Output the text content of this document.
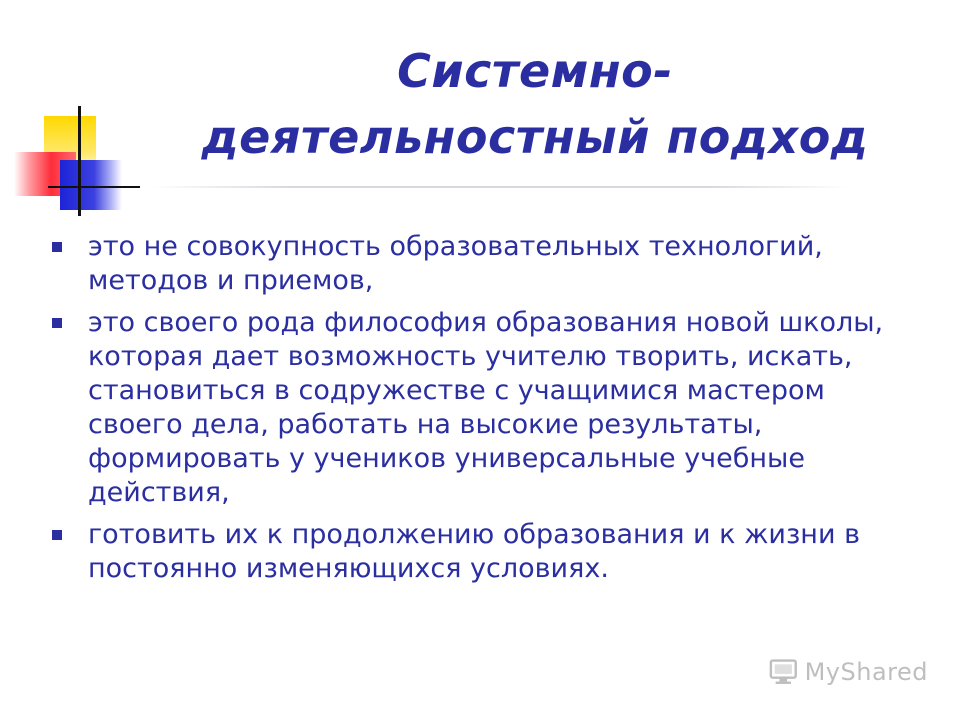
Системно-
деятельностный подход
это не совокупность образовательных технологий, методов и приемов,
это своего рода философия образования новой школы, которая дает возможность учителю творить, искать, становиться в содружестве с учащимися мастером своего дела, работать на высокие результаты, формировать у учеников универсальные учебные действия,
готовить их к продолжению образования и к жизни в постоянно изменяющихся условиях.
MyShared
